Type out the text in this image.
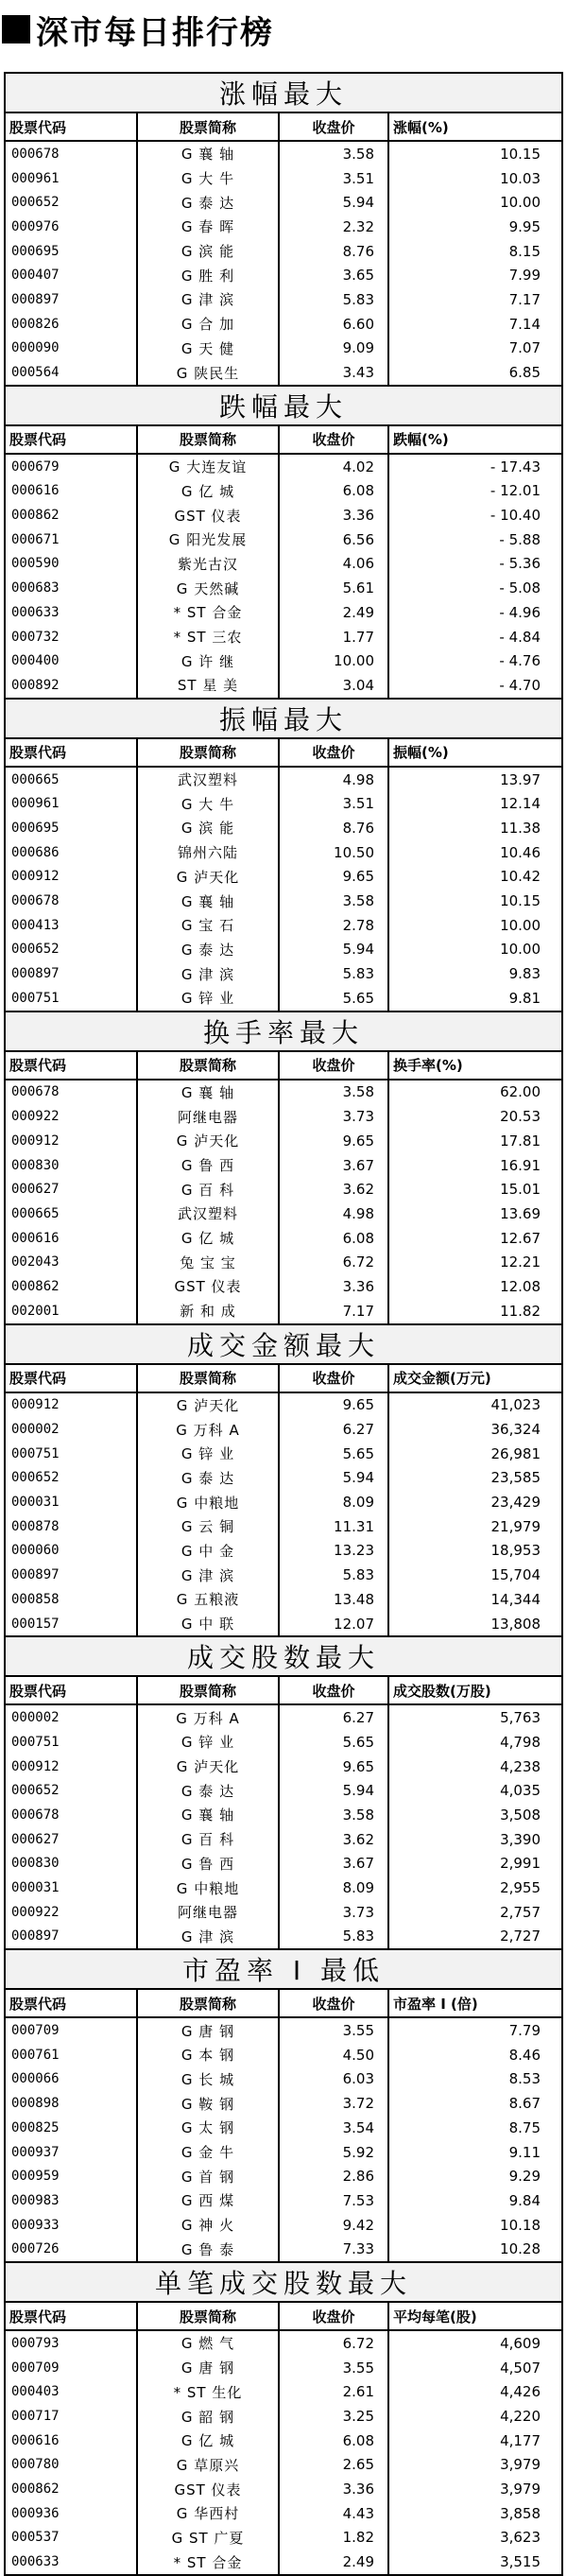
深市每日排行榜
涨幅最大			
股票代码	股票简称	收盘价	涨幅(%)
000678	G 襄 轴	3.58	10.15
000961	G 大 牛	3.51	10.03
000652	G 泰 达	5.94	10.00
000976	G 春 晖	2.32	9.95
000695	G 滨 能	8.76	8.15
000407	G 胜 利	3.65	7.99
000897	G 津 滨	5.83	7.17
000826	G 合 加	6.60	7.14
000090	G 天 健	9.09	7.07
000564	G 陕民生	3.43	6.85
跌幅最大			
股票代码	股票简称	收盘价	跌幅(%)
000679	G 大连友谊	4.02	- 17.43
000616	G 亿 城	6.08	- 12.01
000862	GST 仪表	3.36	- 10.40
000671	G 阳光发展	6.56	- 5.88
000590	紫光古汉	4.06	- 5.36
000683	G 天然碱	5.61	- 5.08
000633	* ST 合金	2.49	- 4.96
000732	* ST 三农	1.77	- 4.84
000400	G 许 继	10.00	- 4.76
000892	ST 星 美	3.04	- 4.70
振幅最大			
股票代码	股票简称	收盘价	振幅(%)
000665	武汉塑料	4.98	13.97
000961	G 大 牛	3.51	12.14
000695	G 滨 能	8.76	11.38
000686	锦州六陆	10.50	10.46
000912	G 泸天化	9.65	10.42
000678	G 襄 轴	3.58	10.15
000413	G 宝 石	2.78	10.00
000652	G 泰 达	5.94	10.00
000897	G 津 滨	5.83	9.83
000751	G 锌 业	5.65	9.81
换手率最大			
股票代码	股票简称	收盘价	换手率(%)
000678	G 襄 轴	3.58	62.00
000922	阿继电器	3.73	20.53
000912	G 泸天化	9.65	17.81
000830	G 鲁 西	3.67	16.91
000627	G 百 科	3.62	15.01
000665	武汉塑料	4.98	13.69
000616	G 亿 城	6.08	12.67
002043	兔 宝 宝	6.72	12.21
000862	GST 仪表	3.36	12.08
002001	新 和 成	7.17	11.82
成交金额最大			
股票代码	股票简称	收盘价	成交金额(万元)
000912	G 泸天化	9.65	41,023
000002	G 万科 A	6.27	36,324
000751	G 锌 业	5.65	26,981
000652	G 泰 达	5.94	23,585
000031	G 中粮地	8.09	23,429
000878	G 云 铜	11.31	21,979
000060	G 中 金	13.23	18,953
000897	G 津 滨	5.83	15,704
000858	G 五粮液	13.48	14,344
000157	G 中 联	12.07	13,808
成交股数最大			
股票代码	股票简称	收盘价	成交股数(万股)
000002	G 万科 A	6.27	5,763
000751	G 锌 业	5.65	4,798
000912	G 泸天化	9.65	4,238
000652	G 泰 达	5.94	4,035
000678	G 襄 轴	3.58	3,508
000627	G 百 科	3.62	3,390
000830	G 鲁 西	3.67	2,991
000031	G 中粮地	8.09	2,955
000922	阿继电器	3.73	2,757
000897	G 津 滨	5.83	2,727
市盈率 I 最低			
股票代码	股票简称	收盘价	市盈率 I (倍)
000709	G 唐 钢	3.55	7.79
000761	G 本 钢	4.50	8.46
000066	G 长 城	6.03	8.53
000898	G 鞍 钢	3.72	8.67
000825	G 太 钢	3.54	8.75
000937	G 金 牛	5.92	9.11
000959	G 首 钢	2.86	9.29
000983	G 西 煤	7.53	9.84
000933	G 神 火	9.42	10.18
000726	G 鲁 泰	7.33	10.28
单笔成交股数最大			
股票代码	股票简称	收盘价	平均每笔(股)
000793	G 燃 气	6.72	4,609
000709	G 唐 钢	3.55	4,507
000403	* ST 生化	2.61	4,426
000717	G 韶 钢	3.25	4,220
000616	G 亿 城	6.08	4,177
000780	G 草原兴	2.65	3,979
000862	GST 仪表	3.36	3,979
000936	G 华西村	4.43	3,858
000537	G ST 广夏	1.82	3,623
000633	* ST 合金	2.49	3,515
